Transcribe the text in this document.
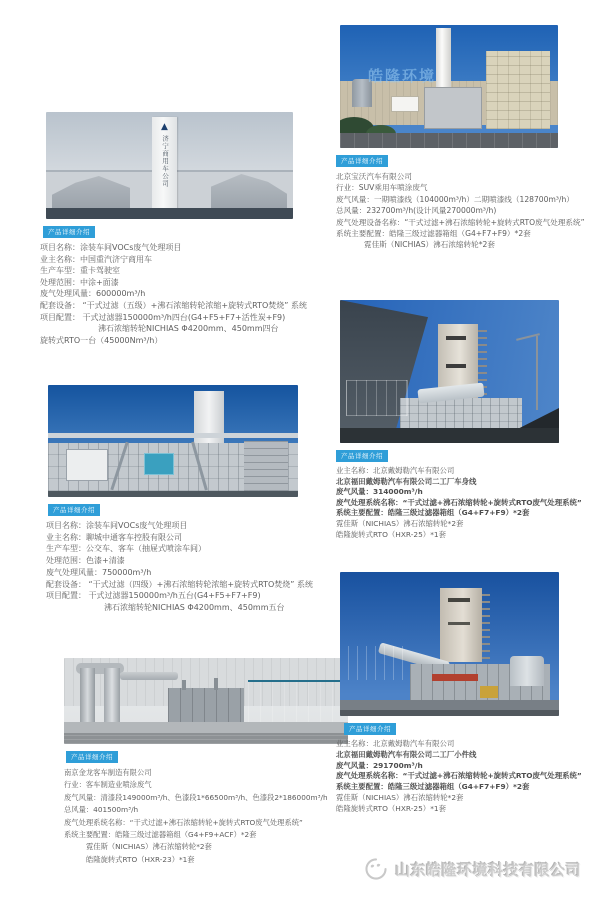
▲
济宁商用车公司
产品详细介绍
项目名称：涂装车间VOCs废气处理项目
业主名称：中国重汽济宁商用车
生产车型：重卡驾驶室
处理范围：中涂+面漆
废气处理风量：600000m³/h
配套设备： “干式过滤（五级）+沸石浓缩转轮浓缩+旋转式RTO焚烧” 系统
项目配置： 干式过滤器150000m³/h四台(G4+F5+F7+活性炭+F9)
沸石浓缩转轮NICHIAS Φ4200mm、450mm四台
旋转式RTO一台（45000Nm³/h）
皓隆环境
产品详细介绍
北京宝沃汽车有限公司
行业：SUV乘用车喷涂废气
废气风量：一期喷漆线（104000m³/h）二期喷漆线（128700m³/h）
总风量：232700m³/h(设计风量270000m³/h)
废气处理设备名称：“干式过滤+沸石浓缩转轮+旋转式RTO废气处理系统”
系统主要配置：皓隆三级过滤器箱组（G4+F7+F9）*2套
霓佳斯（NICHIAS）沸石浓缩转轮*2套
产品详细介绍
项目名称：涂装车间VOCs废气处理项目
业主名称：聊城中通客车控股有限公司
生产车型：公交车、客车（抽屉式喷涂车间）
处理范围：色漆+清漆
废气处理风量：750000m³/h
配套设备： “干式过滤（四级）+沸石浓缩转轮浓缩+旋转式RTO焚烧” 系统
项目配置： 干式过滤器150000m³/h五台(G4+F5+F7+F9)
沸石浓缩转轮NICHIAS Φ4200mm、450mm五台
产品详细介绍
业主名称：北京戴姆勒汽车有限公司
北京福田戴姆勒汽车有限公司二工厂车身线
废气风量：314000m³/h
废气处理系统名称：“干式过滤+沸石浓缩转轮+旋转式RTO废气处理系统”
系统主要配置：皓隆三级过滤器箱组（G4+F7+F9）*2套
霓佳斯（NICHIAS）沸石浓缩转轮*2套
皓隆旋转式RTO（HXR-25）*1套
产品详细介绍
南京金龙客车制造有限公司
行业：客车制造业喷涂废气
废气风量：清漆段149000m³/h、色漆段1*66500m³/h、色漆段2*186000m³/h
总风量：401500m³/h
废气处理系统名称：“干式过滤+沸石浓缩转轮+旋转式RTO废气处理系统”
系统主要配置：皓隆三级过滤器箱组（G4+F9+ACF）*2套
霓佳斯（NICHIAS）沸石浓缩转轮*2套
皓隆旋转式RTO（HXR-23）*1套
产品详细介绍
业主名称：北京戴姆勒汽车有限公司
北京福田戴姆勒汽车有限公司二工厂小件线
废气风量：291700m³/h
废气处理系统名称：“干式过滤+沸石浓缩转轮+旋转式RTO废气处理系统”
系统主要配置：皓隆三级过滤器箱组（G4+F7+F9）*2套
霓佳斯（NICHIAS）沸石浓缩转轮*2套
皓隆旋转式RTO（HXR-25）*1套
山东皓隆环境科技有限公司
